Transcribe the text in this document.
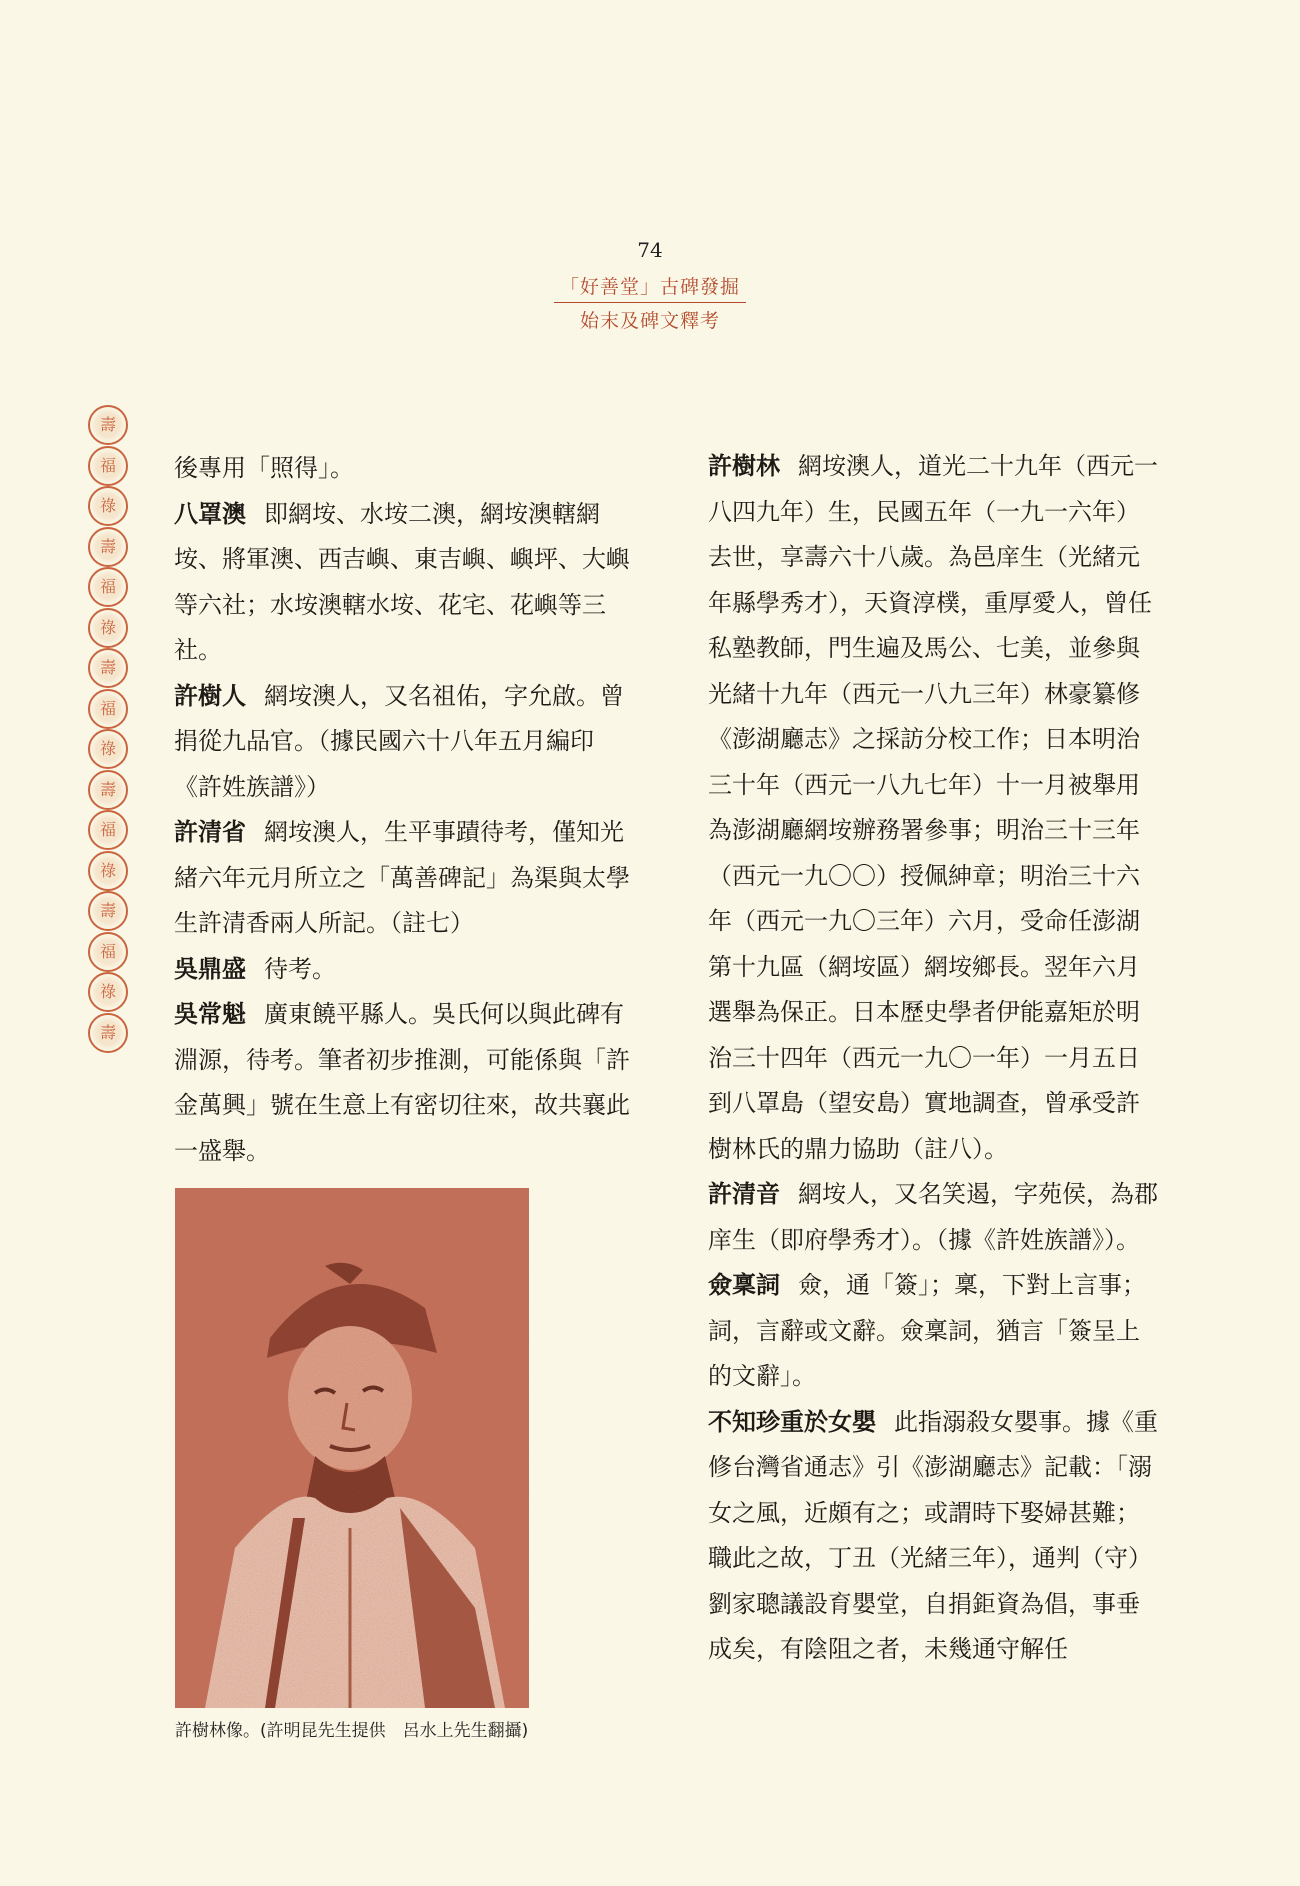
74
「好善堂」古碑發掘
始末及碑文釋考
壽
福
祿
壽
福
祿
壽
福
祿
壽
福
祿
壽
福
祿
壽

後專用「照得」。

八罩澳 即網垵、水垵二澳，網垵澳轄網垵、將軍澳、西吉嶼、東吉嶼、嶼坪、大嶼等六社；水垵澳轄水垵、花宅、花嶼等三社。

許樹人 網垵澳人，又名祖佑，字允啟。曾捐從九品官。（據民國六十八年五月編印《許姓族譜》）

許清省 網垵澳人，生平事蹟待考，僅知光緒六年元月所立之「萬善碑記」為渠與太學生許清香兩人所記。（註七）

吳鼎盛 待考。

吳常魁 廣東饒平縣人。吳氏何以與此碑有淵源，待考。筆者初步推測，可能係與「許金萬興」號在生意上有密切往來，故共襄此一盛舉。

許樹林 網垵澳人，道光二十九年（西元一八四九年）生，民國五年（一九一六年）去世，享壽六十八歲。為邑庠生（光緒元年縣學秀才），天資淳樸，重厚愛人，曾任私塾教師，門生遍及馬公、七美，並參與光緒十九年（西元一八九三年）林豪纂修《澎湖廳志》之採訪分校工作；日本明治三十年（西元一八九七年）十一月被舉用為澎湖廳網垵辦務署參事；明治三十三年（西元一九〇〇）授佩紳章；明治三十六年（西元一九〇三年）六月，受命任澎湖第十九區（網垵區）網垵鄉長。翌年六月選舉為保正。日本歷史學者伊能嘉矩於明治三十四年（西元一九〇一年）一月五日到八罩島（望安島）實地調查，曾承受許樹林氏的鼎力協助（註八）。

許清音 網垵人，又名笑遏，字苑侯，為郡庠生（即府學秀才）。（據《許姓族譜》）。

僉稟詞 僉，通「簽」；稟，下對上言事；詞，言辭或文辭。僉稟詞，猶言「簽呈上的文辭」。

不知珍重於女嬰 此指溺殺女嬰事。據《重修台灣省通志》引《澎湖廳志》記載：「溺女之風，近頗有之；或謂時下娶婦甚難；職此之故，丁丑（光緒三年），通判（守）劉家聰議設育嬰堂，自捐鉅資為倡，事垂成矣，有陰阻之者，未幾通守解任

許樹林像。(許明昆先生提供　呂水上先生翻攝)
